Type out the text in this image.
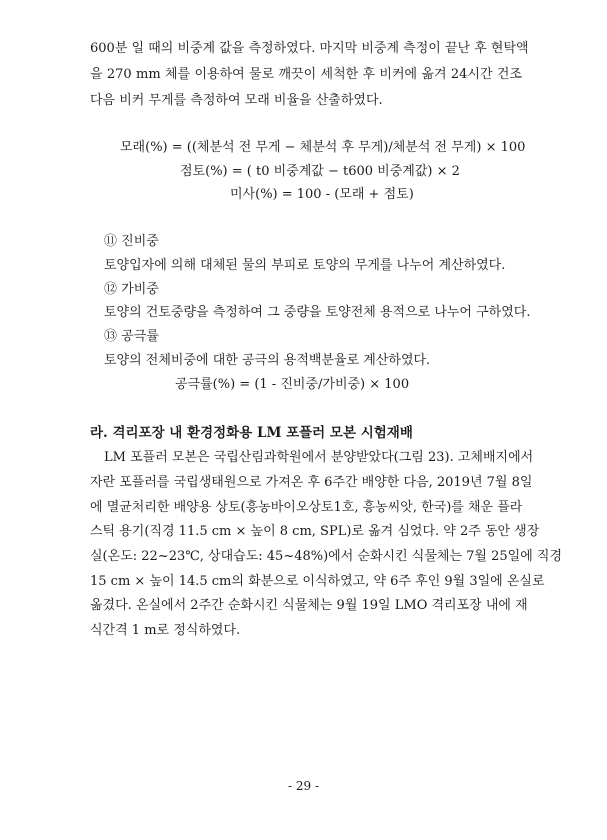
600분 일 때의 비중계 값을 측정하였다. 마지막 비중계 측정이 끝난 후 현탁액
을 270 mm 체를 이용하여 물로 깨끗이 세척한 후 비커에 옮겨 24시간 건조
다음 비커 무게를 측정하여 모래 비율을 산출하였다.
모래(%) = ((체분석 전 무게 − 체분석 후 무게)/체분석 전 무게) × 100
점토(%) = ( t0 비중계값 − t600 비중계값) × 2
미사(%) = 100 - (모래 + 점토)
⑪ 진비중
토양입자에 의해 대체된 물의 부피로 토양의 무게를 나누어 계산하였다.
⑫ 가비중
토양의 건토중량을 측정하여 그 중량을 토양전체 용적으로 나누어 구하였다.
⑬ 공극률
토양의 전체비중에 대한 공극의 용적백분율로 계산하였다.
공극률(%) = (1 - 진비중/가비중) × 100
라. 격리포장 내 환경정화용 LM 포플러 모본 시험재배
LM 포플러 모본은 국립산림과학원에서 분양받았다(그림 23). 고체배지에서
자란 포플러를 국립생태원으로 가져온 후 6주간 배양한 다음, 2019년 7월 8일
에 멸균처리한 배양용 상토(흥농바이오상토1호, 흥농씨앗, 한국)를 채운 플라
스틱 용기(직경 11.5 cm × 높이 8 cm, SPL)로 옮겨 심었다. 약 2주 동안 생장
실(온도: 22~23℃, 상대습도: 45~48%)에서 순화시킨 식물체는 7월 25일에 직경
15 cm × 높이 14.5 cm의 화분으로 이식하였고, 약 6주 후인 9월 3일에 온실로
옮겼다. 온실에서 2주간 순화시킨 식물체는 9월 19일 LMO 격리포장 내에 재
식간격 1 m로 정식하였다.
- 29 -
